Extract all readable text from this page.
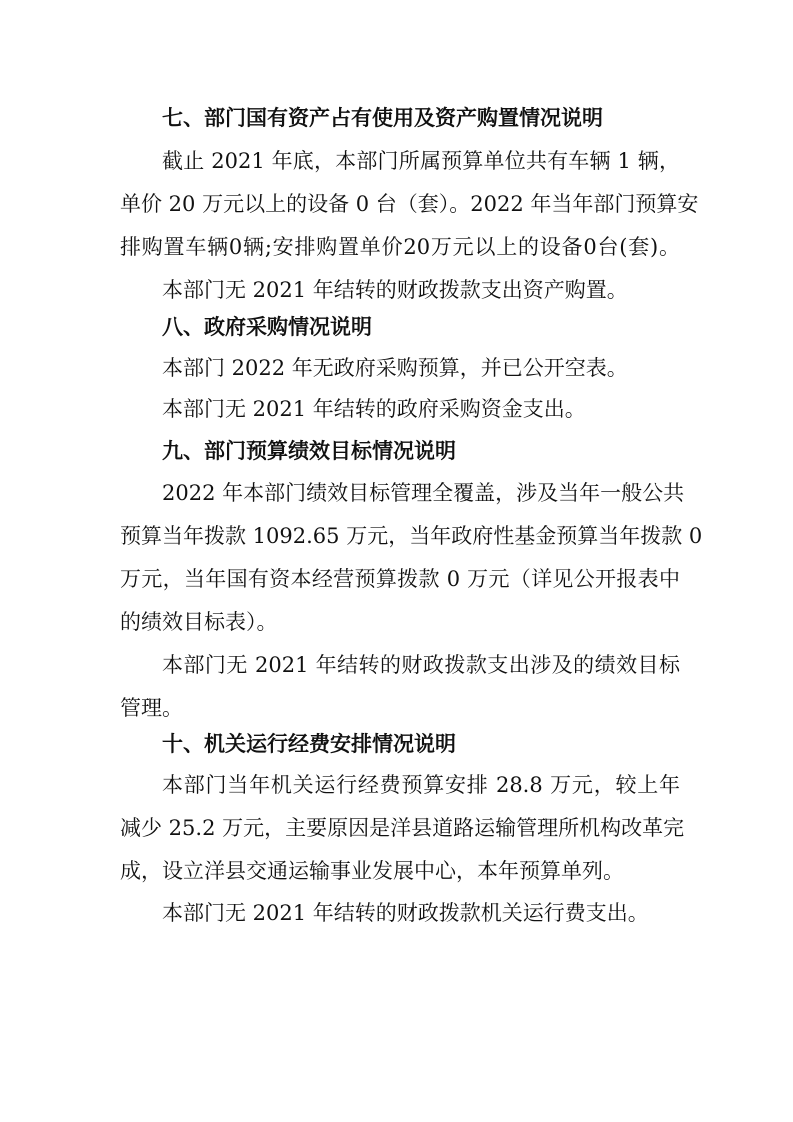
七、部门国有资产占有使用及资产购置情况说明
截止 2021 年底，本部门所属预算单位共有车辆 1 辆，
单价 20 万元以上的设备 0 台（套）。2022 年当年部门预算安
排购置车辆0辆;安排购置单价20万元以上的设备0台(套)。
本部门无 2021 年结转的财政拨款支出资产购置。
八、政府采购情况说明
本部门 2022 年无政府采购预算，并已公开空表。
本部门无 2021 年结转的政府采购资金支出。
九、部门预算绩效目标情况说明
2022 年本部门绩效目标管理全覆盖，涉及当年一般公共
预算当年拨款 1092.65 万元，当年政府性基金预算当年拨款 0
万元，当年国有资本经营预算拨款 0 万元（详见公开报表中
的绩效目标表）。
本部门无 2021 年结转的财政拨款支出涉及的绩效目标
管理。
十、机关运行经费安排情况说明
本部门当年机关运行经费预算安排 28.8 万元，较上年
减少 25.2 万元，主要原因是洋县道路运输管理所机构改革完
成，设立洋县交通运输事业发展中心，本年预算单列。
本部门无 2021 年结转的财政拨款机关运行费支出。
